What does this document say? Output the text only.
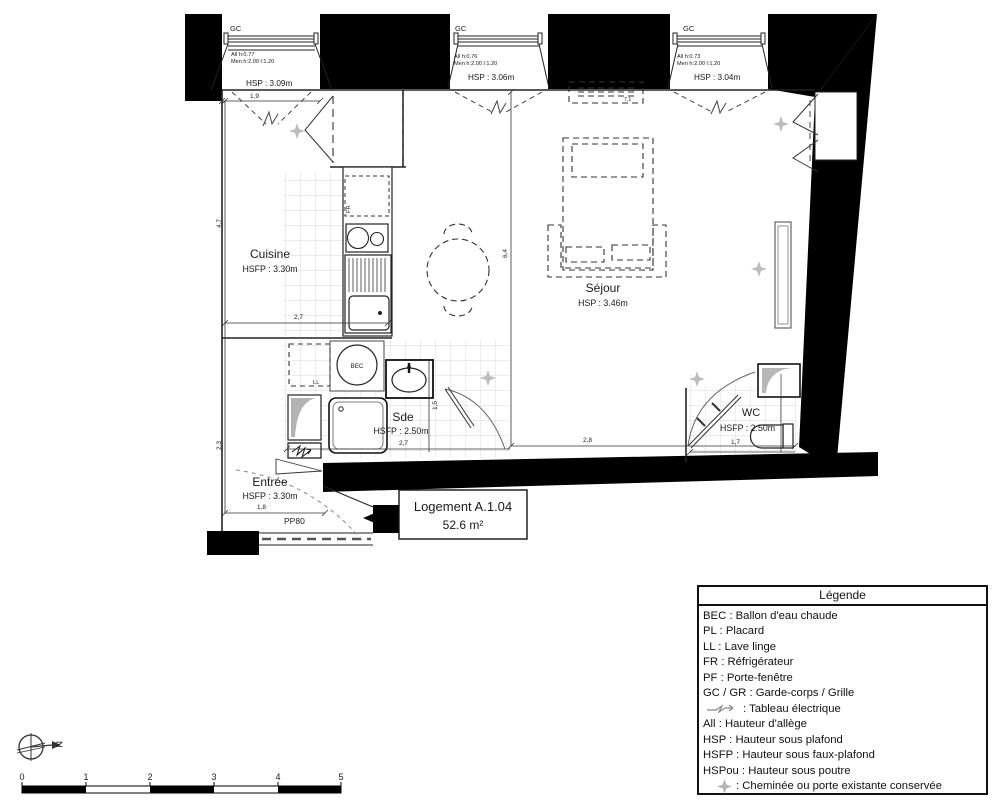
GC
All h:0.77
Men h:2.00 l:1.20
HSP : 3.09m
GC
All h:0.76
Men h:2.00 l:1.20
HSP : 3.06m
GC
All h:0.73
Men h:2.00 l:1.20
HSP : 3.04m
FR
BEC
LL
7,1
PP80
1,9
4,7
2,3
2,7
1,8
6,4
2,8
2,7
1,5
1,7
Cuisine
HSFP : 3.30m
Séjour
HSP : 3.46m
Sde
HSFP : 2.50m
WC
HSFP : 2.50m
Entrée
HSFP : 3.30m
Logement A.1.04
52.6 m²
0	1	2	3	4	5
N
Légende
BEC : Ballon d'eau chaude
PL : Placard
LL : Lave linge
FR : Réfrigérateur
PF : Porte-fenêtre
GC / GR : Garde-corps / Grille
: Tableau électrique
All : Hauteur d'allège
HSP : Hauteur sous plafond
HSFP : Hauteur sous faux-plafond
HSPou : Hauteur sous poutre
: Cheminée ou porte existante conservée
